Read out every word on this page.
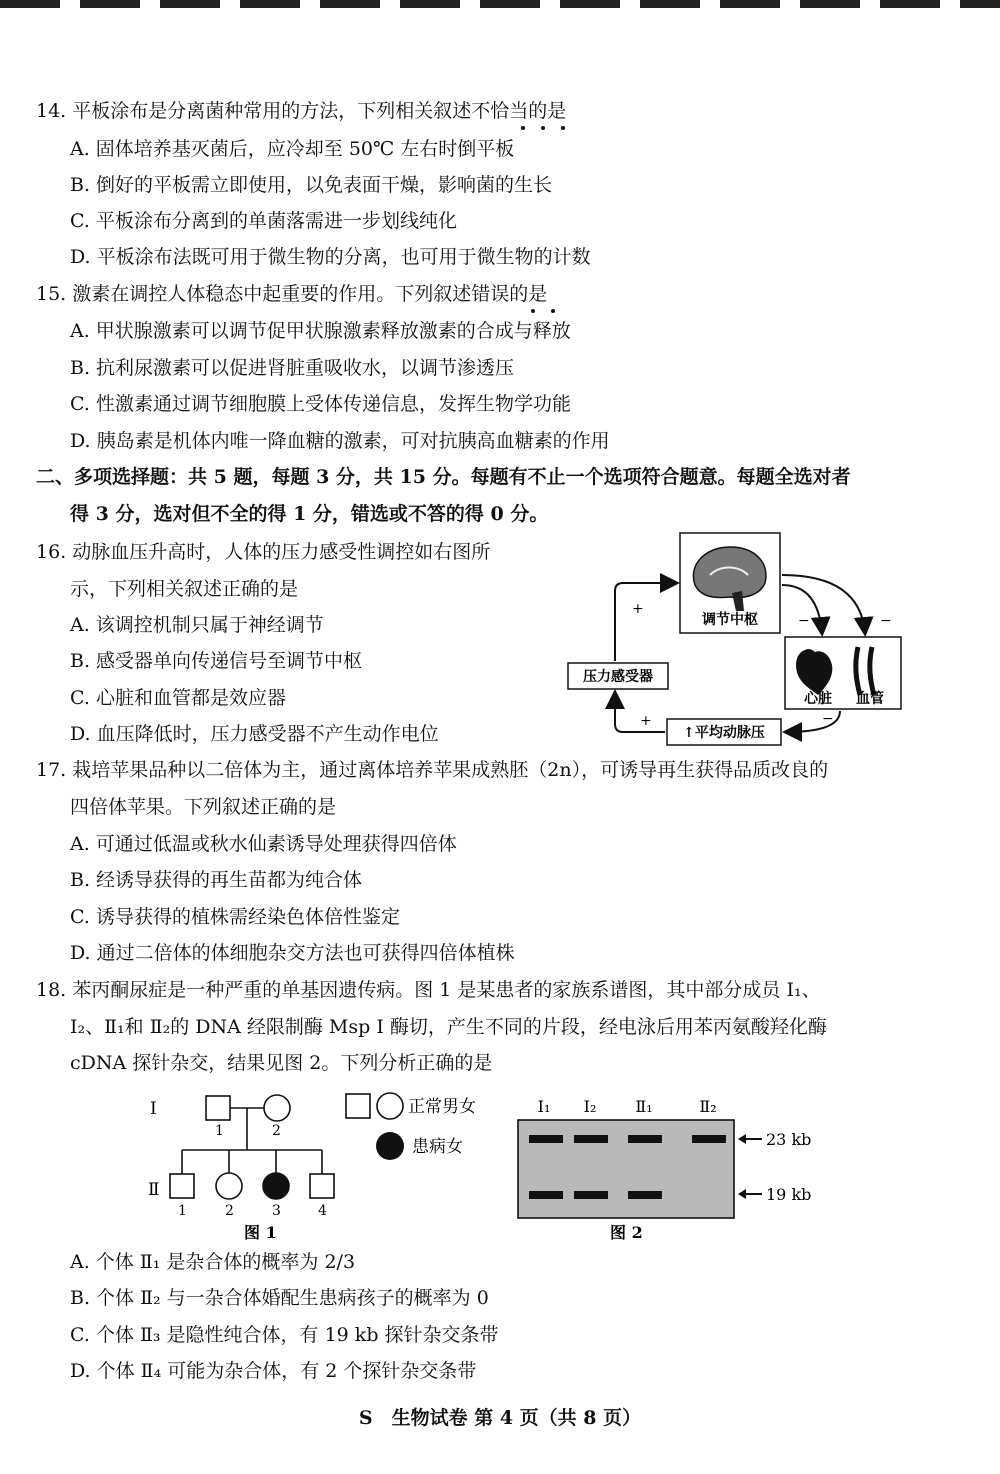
14. 平板涂布是分离菌种常用的方法，下列相关叙述不恰当的是
A. 固体培养基灭菌后，应冷却至 50℃ 左右时倒平板
B. 倒好的平板需立即使用，以免表面干燥，影响菌的生长
C. 平板涂布分离到的单菌落需进一步划线纯化
D. 平板涂布法既可用于微生物的分离，也可用于微生物的计数
15. 激素在调控人体稳态中起重要的作用。下列叙述错误的是
A. 甲状腺激素可以调节促甲状腺激素释放激素的合成与释放
B. 抗利尿激素可以促进肾脏重吸收水，以调节渗透压
C. 性激素通过调节细胞膜上受体传递信息，发挥生物学功能
D. 胰岛素是机体内唯一降血糖的激素，可对抗胰高血糖素的作用
二、多项选择题：共 5 题，每题 3 分，共 15 分。每题有不止一个选项符合题意。每题全选对者
得 3 分，选对但不全的得 1 分，错选或不答的得 0 分。
16. 动脉血压升高时，人体的压力感受性调控如右图所
示，下列相关叙述正确的是
A. 该调控机制只属于神经调节
B. 感受器单向传递信号至调节中枢
C. 心脏和血管都是效应器
D. 血压降低时，压力感受器不产生动作电位
调节中枢
心脏 血管
压力感受器
↑平均动脉压
+
+
−	−
−
17. 栽培苹果品种以二倍体为主，通过离体培养苹果成熟胚（2n），可诱导再生获得品质改良的
四倍体苹果。下列叙述正确的是
A. 可通过低温或秋水仙素诱导处理获得四倍体
B. 经诱导获得的再生苗都为纯合体
C. 诱导获得的植株需经染色体倍性鉴定
D. 通过二倍体的体细胞杂交方法也可获得四倍体植株
18. 苯丙酮尿症是一种严重的单基因遗传病。图 1 是某患者的家族系谱图，其中部分成员 Ⅰ₁、
Ⅰ₂、Ⅱ₁和 Ⅱ₂的 DNA 经限制酶 Msp Ⅰ 酶切，产生不同的片段，经电泳后用苯丙氨酸羟化酶
cDNA 探针杂交，结果见图 2。下列分析正确的是
Ⅰ
Ⅱ
1	2
1	2	3	4
图 1
正常男女
患病女
Ⅰ₁ Ⅰ₂ Ⅱ₁	Ⅱ₂
23 kb
19 kb
图 2
A. 个体 Ⅱ₁ 是杂合体的概率为 2/3
B. 个体 Ⅱ₂ 与一杂合体婚配生患病孩子的概率为 0
C. 个体 Ⅱ₃ 是隐性纯合体，有 19 kb 探针杂交条带
D. 个体 Ⅱ₄ 可能为杂合体，有 2 个探针杂交条带
S　生物试卷 第 4 页（共 8 页）
